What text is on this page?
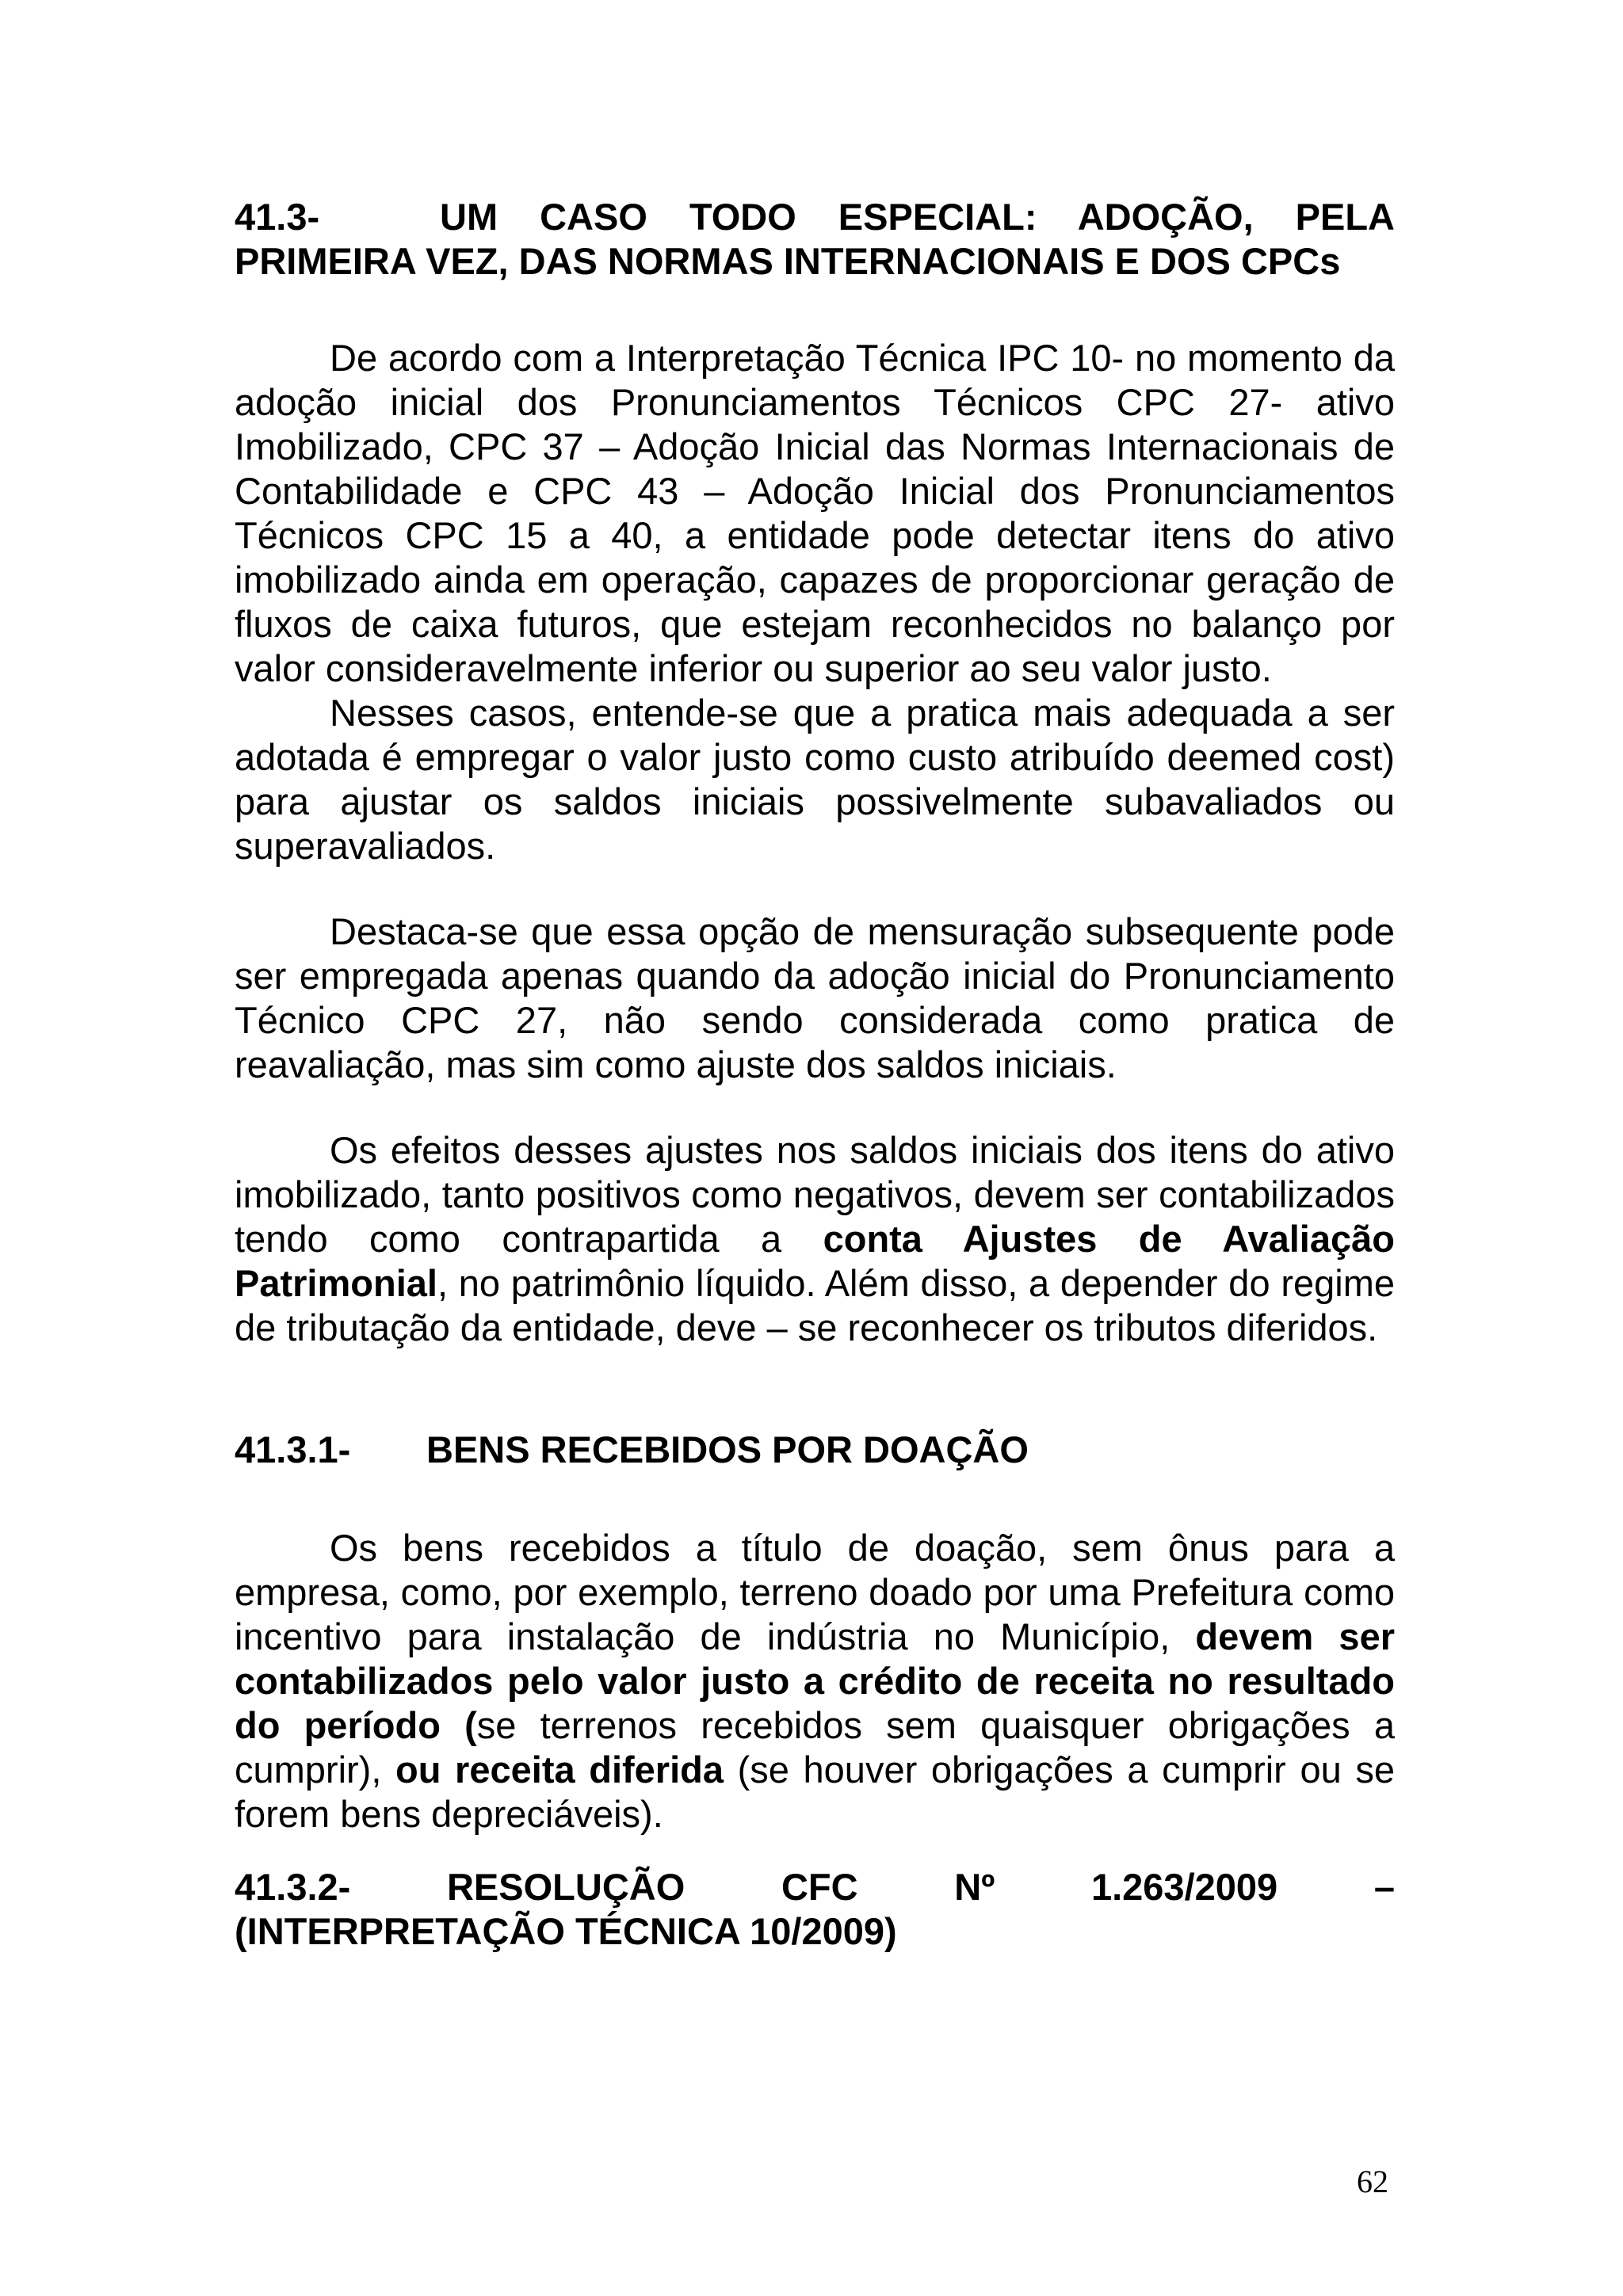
41.3-	UM CASO TODO ESPECIAL: ADOÇÃO, PELA

PRIMEIRA VEZ, DAS NORMAS INTERNACIONAIS E DOS CPCs

De acordo com a Interpretação Técnica IPC 10- no momento da adoção inicial dos Pronunciamentos Técnicos CPC 27- ativo Imobilizado, CPC 37 – Adoção Inicial das Normas Internacionais de Contabilidade e CPC 43 – Adoção Inicial dos Pronunciamentos Técnicos CPC 15 a 40, a entidade pode detectar itens do ativo imobilizado ainda em operação, capazes de proporcionar geração de fluxos de caixa futuros, que estejam reconhecidos no balanço por valor consideravelmente inferior ou superior ao seu valor justo.

Nesses casos, entende-se que a pratica mais adequada a ser adotada é empregar o valor justo como custo atribuído deemed cost) para ajustar os saldos iniciais possivelmente subavaliados ou superavaliados.

Destaca-se que essa opção de mensuração subsequente pode ser empregada apenas quando da adoção inicial do Pronunciamento Técnico CPC 27, não sendo considerada como pratica de reavaliação, mas sim como ajuste dos saldos iniciais.

Os efeitos desses ajustes nos saldos iniciais dos itens do ativo imobilizado, tanto positivos como negativos, devem ser contabilizados tendo como contrapartida a conta Ajustes de Avaliação Patrimonial, no patrimônio líquido. Além disso, a depender do regime de tributação da entidade, deve – se reconhecer os tributos diferidos.

41.3.1- BENS RECEBIDOS POR DOAÇÃO

Os bens recebidos a título de doação, sem ônus para a empresa, como, por exemplo, terreno doado por uma Prefeitura como incentivo para instalação de indústria no Município, devem ser contabilizados pelo valor justo a crédito de receita no resultado do período (se terrenos recebidos sem quaisquer obrigações a cumprir), ou receita diferida (se houver obrigações a cumprir ou se forem bens depreciáveis).

41.3.2-	RESOLUÇÃO	CFC	Nº	1.263/2009	–

(INTERPRETAÇÃO TÉCNICA 10/2009)

62
